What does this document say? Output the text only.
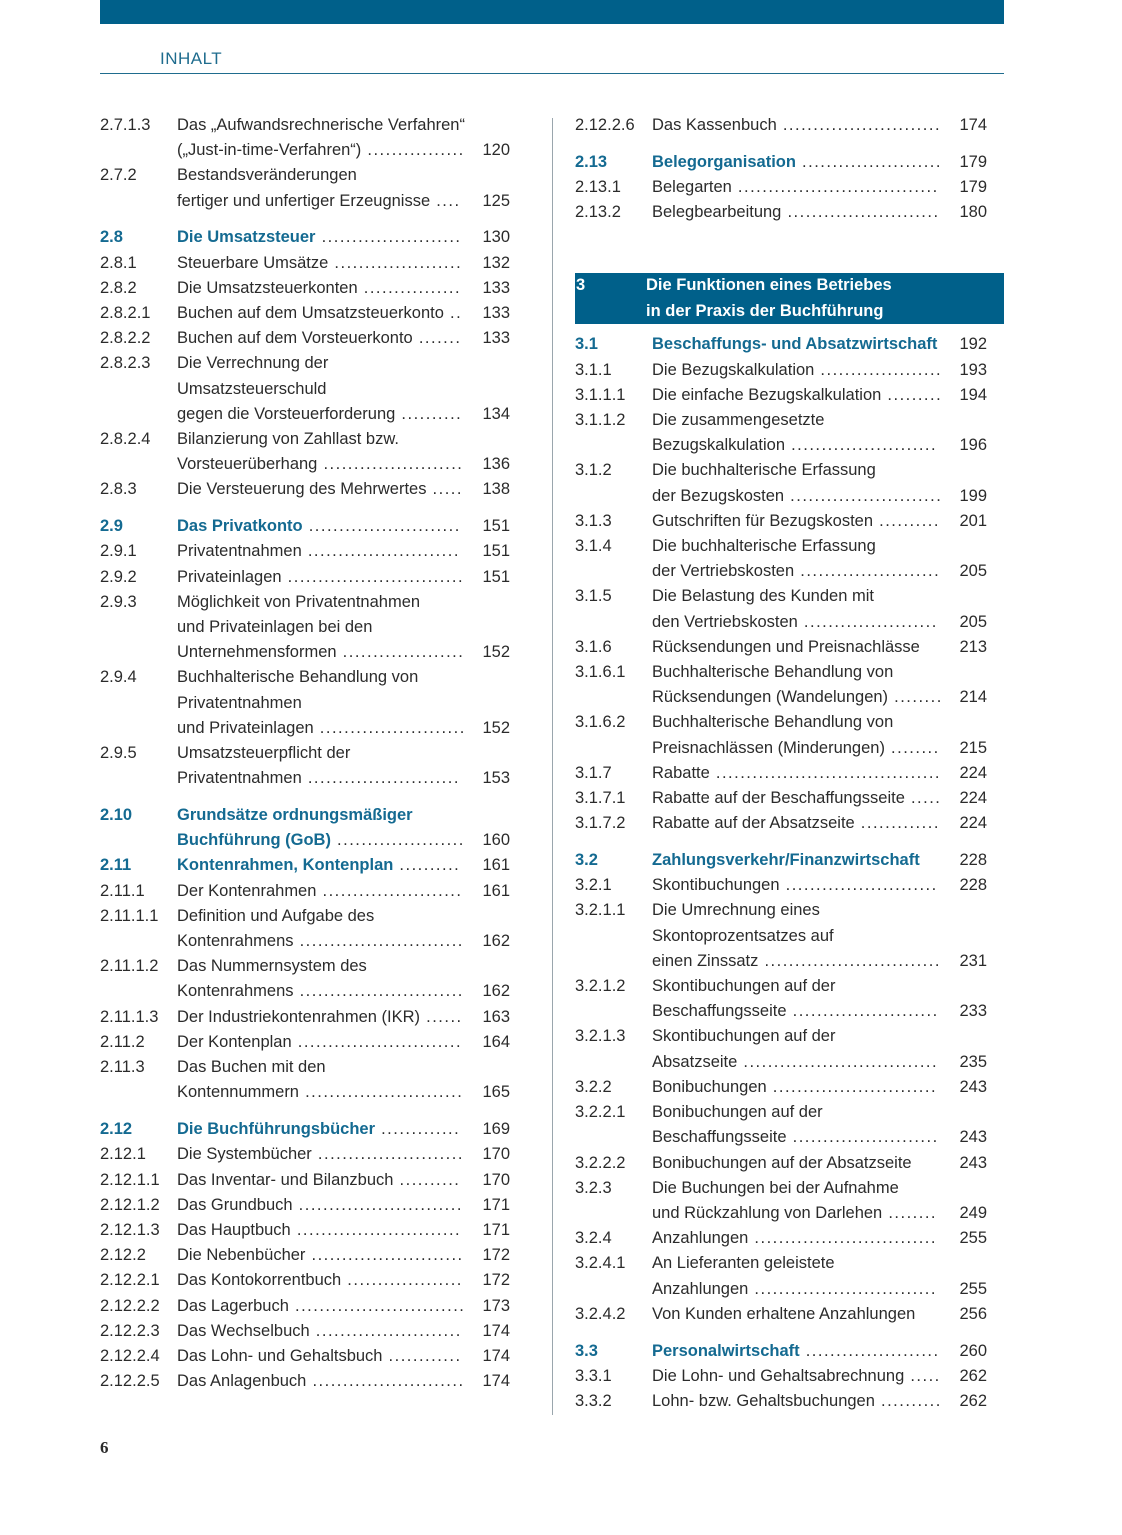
INHALT
2.7.1.3	Das „Aufwandsrechnerische Verfahren“
(„Just-in-time-Verfahren“) ................	120
2.7.2	Bestandsveränderungen
fertiger und unfertiger Erzeugnisse ....	125
2.8	Die Umsatzsteuer .......................	130
2.8.1	Steuerbare Umsätze .....................	132
2.8.2	Die Umsatzsteuerkonten ................	133
2.8.2.1	Buchen auf dem Umsatzsteuerkonto ..	133
2.8.2.2	Buchen auf dem Vorsteuerkonto .......	133
2.8.2.3	Die Verrechnung der
Umsatzsteuerschuld
gegen die Vorsteuerforderung ..........	134
2.8.2.4	Bilanzierung von Zahllast bzw.
Vorsteuerüberhang .......................	136
2.8.3	Die Versteuerung des Mehrwertes .....	138
2.9	Das Privatkonto .........................	151
2.9.1	Privatentnahmen .........................	151
2.9.2	Privateinlagen .............................	151
2.9.3	Möglichkeit von Privatentnahmen
und Privateinlagen bei den
Unternehmensformen ....................	152
2.9.4	Buchhalterische Behandlung von
Privatentnahmen
und Privateinlagen ........................	152
2.9.5	Umsatzsteuerpflicht der
Privatentnahmen .........................	153
2.10	Grundsätze ordnungsmäßiger
Buchführung (GoB) .....................	160
2.11	Kontenrahmen, Kontenplan ..........	161
2.11.1	Der Kontenrahmen .......................	161
2.11.1.1	Definition und Aufgabe des
Kontenrahmens ...........................	162
2.11.1.2	Das Nummernsystem des
Kontenrahmens ...........................	162
2.11.1.3	Der Industriekontenrahmen (IKR) ......	163
2.11.2	Der Kontenplan ...........................	164
2.11.3	Das Buchen mit den
Kontennummern ..........................	165
2.12	Die Buchführungsbücher .............	169
2.12.1	Die Systembücher ........................	170
2.12.1.1	Das Inventar- und Bilanzbuch ..........	170
2.12.1.2	Das Grundbuch ...........................	171
2.12.1.3	Das Hauptbuch ...........................	171
2.12.2	Die Nebenbücher .........................	172
2.12.2.1	Das Kontokorrentbuch ...................	172
2.12.2.2	Das Lagerbuch ............................	173
2.12.2.3	Das Wechselbuch ........................	174
2.12.2.4	Das Lohn- und Gehaltsbuch ............	174
2.12.2.5	Das Anlagenbuch .........................	174
2.12.2.6	Das Kassenbuch ..........................	174
2.13	Belegorganisation .......................	179
2.13.1	Belegarten .................................	179
2.13.2	Belegbearbeitung .........................	180
3	Die Funktionen eines Betriebes
in der Praxis der Buchführung
3.1	Beschaffungs- und Absatzwirtschaft	192
3.1.1	Die Bezugskalkulation ....................	193
3.1.1.1	Die einfache Bezugskalkulation .........	194
3.1.1.2	Die zusammengesetzte
Bezugskalkulation ........................	196
3.1.2	Die buchhalterische Erfassung
der Bezugskosten .........................	199
3.1.3	Gutschriften für Bezugskosten ..........	201
3.1.4	Die buchhalterische Erfassung
der Vertriebskosten .......................	205
3.1.5	Die Belastung des Kunden mit
den Vertriebskosten ......................	205
3.1.6	Rücksendungen und Preisnachlässe	213
3.1.6.1	Buchhalterische Behandlung von
Rücksendungen (Wandelungen) ........	214
3.1.6.2	Buchhalterische Behandlung von
Preisnachlässen (Minderungen) ........	215
3.1.7	Rabatte .....................................	224
3.1.7.1	Rabatte auf der Beschaffungsseite .....	224
3.1.7.2	Rabatte auf der Absatzseite .............	224
3.2	Zahlungsverkehr/Finanzwirtschaft	228
3.2.1	Skontibuchungen .........................	228
3.2.1.1	Die Umrechnung eines
Skontoprozentsatzes auf
einen Zinssatz .............................	231
3.2.1.2	Skontibuchungen auf der
Beschaffungsseite ........................	233
3.2.1.3	Skontibuchungen auf der
Absatzseite ................................	235
3.2.2	Bonibuchungen ...........................	243
3.2.2.1	Bonibuchungen auf der
Beschaffungsseite ........................	243
3.2.2.2	Bonibuchungen auf der Absatzseite	243
3.2.3	Die Buchungen bei der Aufnahme
und Rückzahlung von Darlehen ........	249
3.2.4	Anzahlungen ..............................	255
3.2.4.1	An Lieferanten geleistete
Anzahlungen ..............................	255
3.2.4.2	Von Kunden erhaltene Anzahlungen	256
3.3	Personalwirtschaft ......................	260
3.3.1	Die Lohn- und Gehaltsabrechnung .....	262
3.3.2	Lohn- bzw. Gehaltsbuchungen ..........	262
6
